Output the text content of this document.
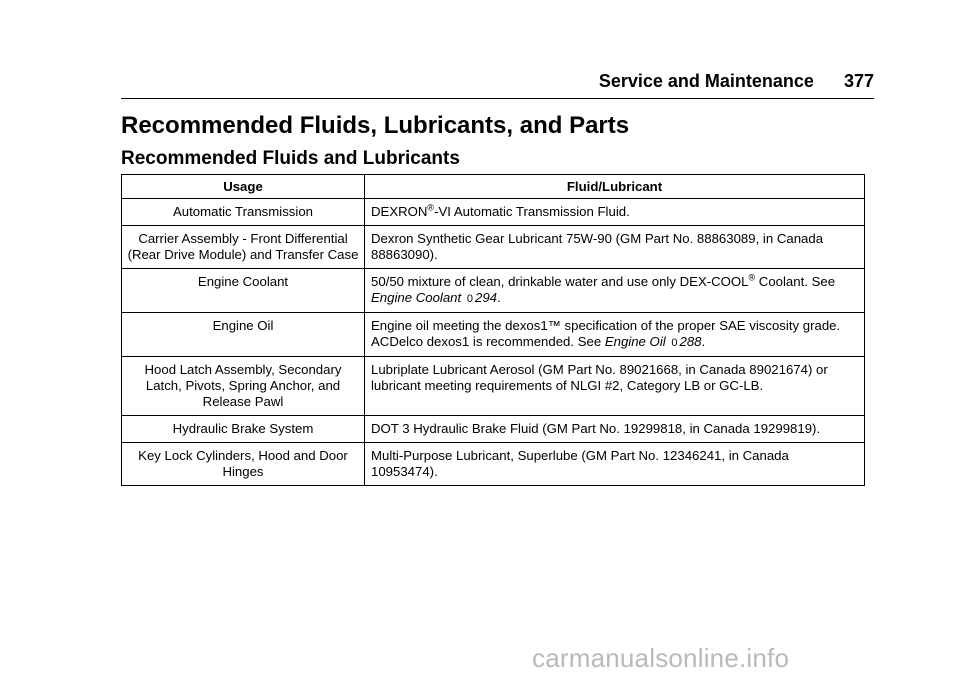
Service and Maintenance 377
Recommended Fluids, Lubricants, and Parts
Recommended Fluids and Lubricants
Usage	Fluid/Lubricant
Automatic Transmission	DEXRON®-VI Automatic Transmission Fluid.
Carrier Assembly - Front Differential (Rear Drive Module) and Transfer Case	Dexron Synthetic Gear Lubricant 75W-90 (GM Part No. 88863089, in Canada 88863090).
Engine Coolant	50/50 mixture of clean, drinkable water and use only DEX-COOL® Coolant. See Engine Coolant 0 294.
Engine Oil	Engine oil meeting the dexos1™ specification of the proper SAE viscosity grade. ACDelco dexos1 is recommended. See Engine Oil 0 288.
Hood Latch Assembly, Secondary Latch, Pivots, Spring Anchor, and Release Pawl	Lubriplate Lubricant Aerosol (GM Part No. 89021668, in Canada 89021674) or lubricant meeting requirements of NLGI #2, Category LB or GC-LB.
Hydraulic Brake System	DOT 3 Hydraulic Brake Fluid (GM Part No. 19299818, in Canada 19299819).
Key Lock Cylinders, Hood and Door Hinges	Multi-Purpose Lubricant, Superlube (GM Part No. 12346241, in Canada 10953474).
carmanualsonline.info
